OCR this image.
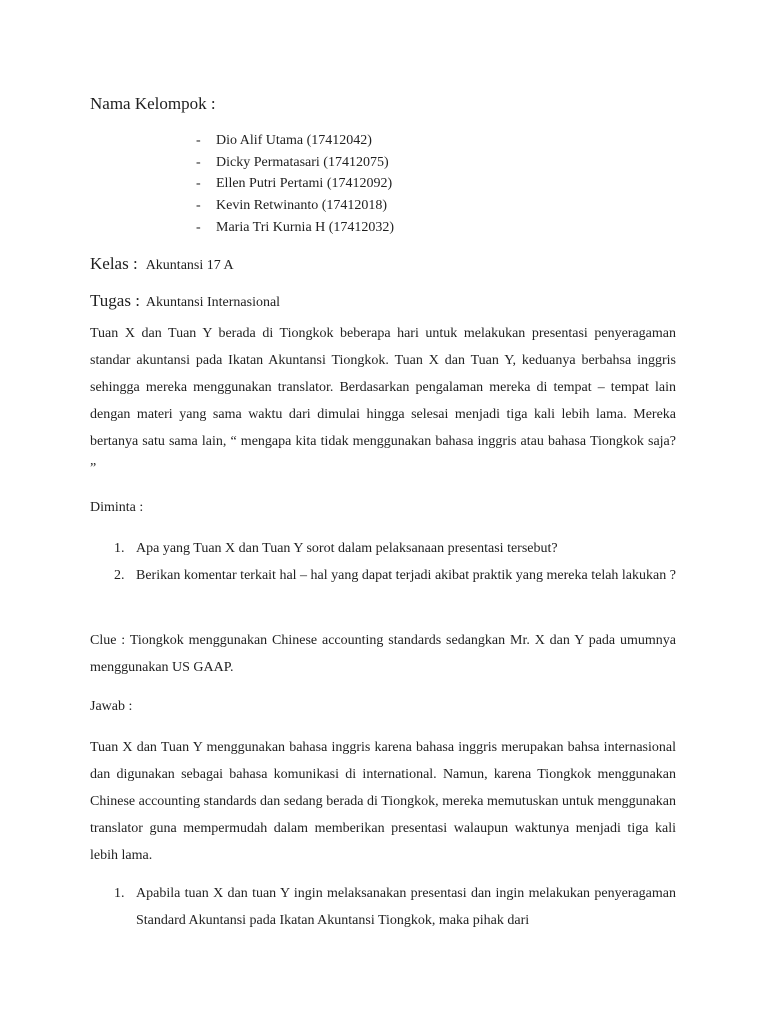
Nama Kelompok :
-	Dio Alif Utama (17412042)
-	Dicky Permatasari (17412075)
-	Ellen Putri Pertami (17412092)
-	Kevin Retwinanto (17412018)
-	Maria Tri Kurnia H (17412032)
Kelas : Akuntansi 17 A
Tugas : Akuntansi Internasional
Tuan X dan Tuan Y berada di Tiongkok beberapa hari untuk melakukan presentasi penyeragaman standar akuntansi pada Ikatan Akuntansi Tiongkok. Tuan X dan Tuan Y, keduanya berbahsa inggris sehingga mereka menggunakan translator. Berdasarkan pengalaman mereka di tempat – tempat lain dengan materi yang sama waktu dari dimulai hingga selesai menjadi tiga kali lebih lama. Mereka bertanya satu sama lain, “ mengapa kita tidak menggunakan bahasa inggris atau bahasa Tiongkok saja? ”
Diminta :
1. Apa yang Tuan X dan Tuan Y sorot dalam pelaksanaan presentasi tersebut?
2. Berikan komentar terkait hal – hal yang dapat terjadi akibat praktik yang mereka telah lakukan ?
Clue : Tiongkok menggunakan Chinese accounting standards sedangkan Mr. X dan Y pada umumnya menggunakan US GAAP.
Jawab :
Tuan X dan Tuan Y menggunakan bahasa inggris karena bahasa inggris merupakan bahsa internasional dan digunakan sebagai bahasa komunikasi di international. Namun, karena Tiongkok menggunakan Chinese accounting standards dan sedang berada di Tiongkok, mereka memutuskan untuk menggunakan translator guna mempermudah dalam memberikan presentasi walaupun waktunya menjadi tiga kali lebih lama.
1. Apabila tuan X dan tuan Y ingin melaksanakan presentasi dan ingin melakukan penyeragaman Standard Akuntansi pada Ikatan Akuntansi Tiongkok, maka pihak dari
